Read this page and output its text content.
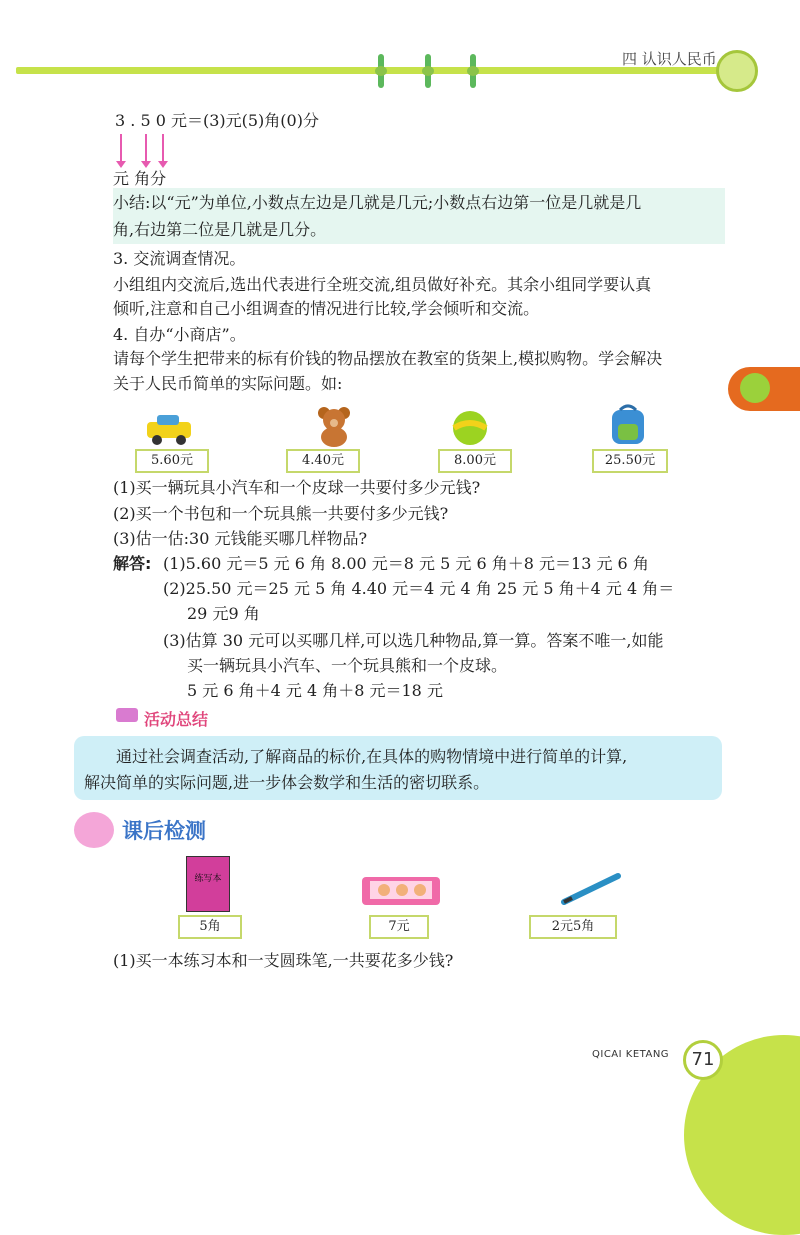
四 认识人民币
3 . 5 0 元＝(3)元(5)角(0)分
元 角分
小结:以“元”为单位,小数点左边是几就是几元;小数点右边第一位是几就是几
角,右边第二位是几就是几分。
3. 交流调查情况。
小组组内交流后,选出代表进行全班交流,组员做好补充。其余小组同学要认真
倾听,注意和自己小组调查的情况进行比较,学会倾听和交流。
4. 自办“小商店”。
请每个学生把带来的标有价钱的物品摆放在教室的货架上,模拟购物。学会解决
关于人民币简单的实际问题。如:
5.60元	4.40元	8.00元	25.50元
(1)买一辆玩具小汽车和一个皮球一共要付多少元钱?
(2)买一个书包和一个玩具熊一共要付多少元钱?
(3)估一估:30 元钱能买哪几样物品?
解答: (1)5.60 元＝5 元 6 角 8.00 元＝8 元 5 元 6 角＋8 元＝13 元 6 角
(2)25.50 元＝25 元 5 角 4.40 元＝4 元 4 角 25 元 5 角＋4 元 4 角＝
29 元9 角
(3)估算 30 元可以买哪几样,可以选几种物品,算一算。答案不唯一,如能
买一辆玩具小汽车、一个玩具熊和一个皮球。
5 元 6 角＋4 元 4 角＋8 元＝18 元
活动总结
通过社会调查活动,了解商品的标价,在具体的购物情境中进行简单的计算,
解决简单的实际问题,进一步体会数学和生活的密切联系。
课后检测
练写本
5角	7元	2元5角
(1)买一本练习本和一支圆珠笔,一共要花多少钱?
QICAI KETANG	71
